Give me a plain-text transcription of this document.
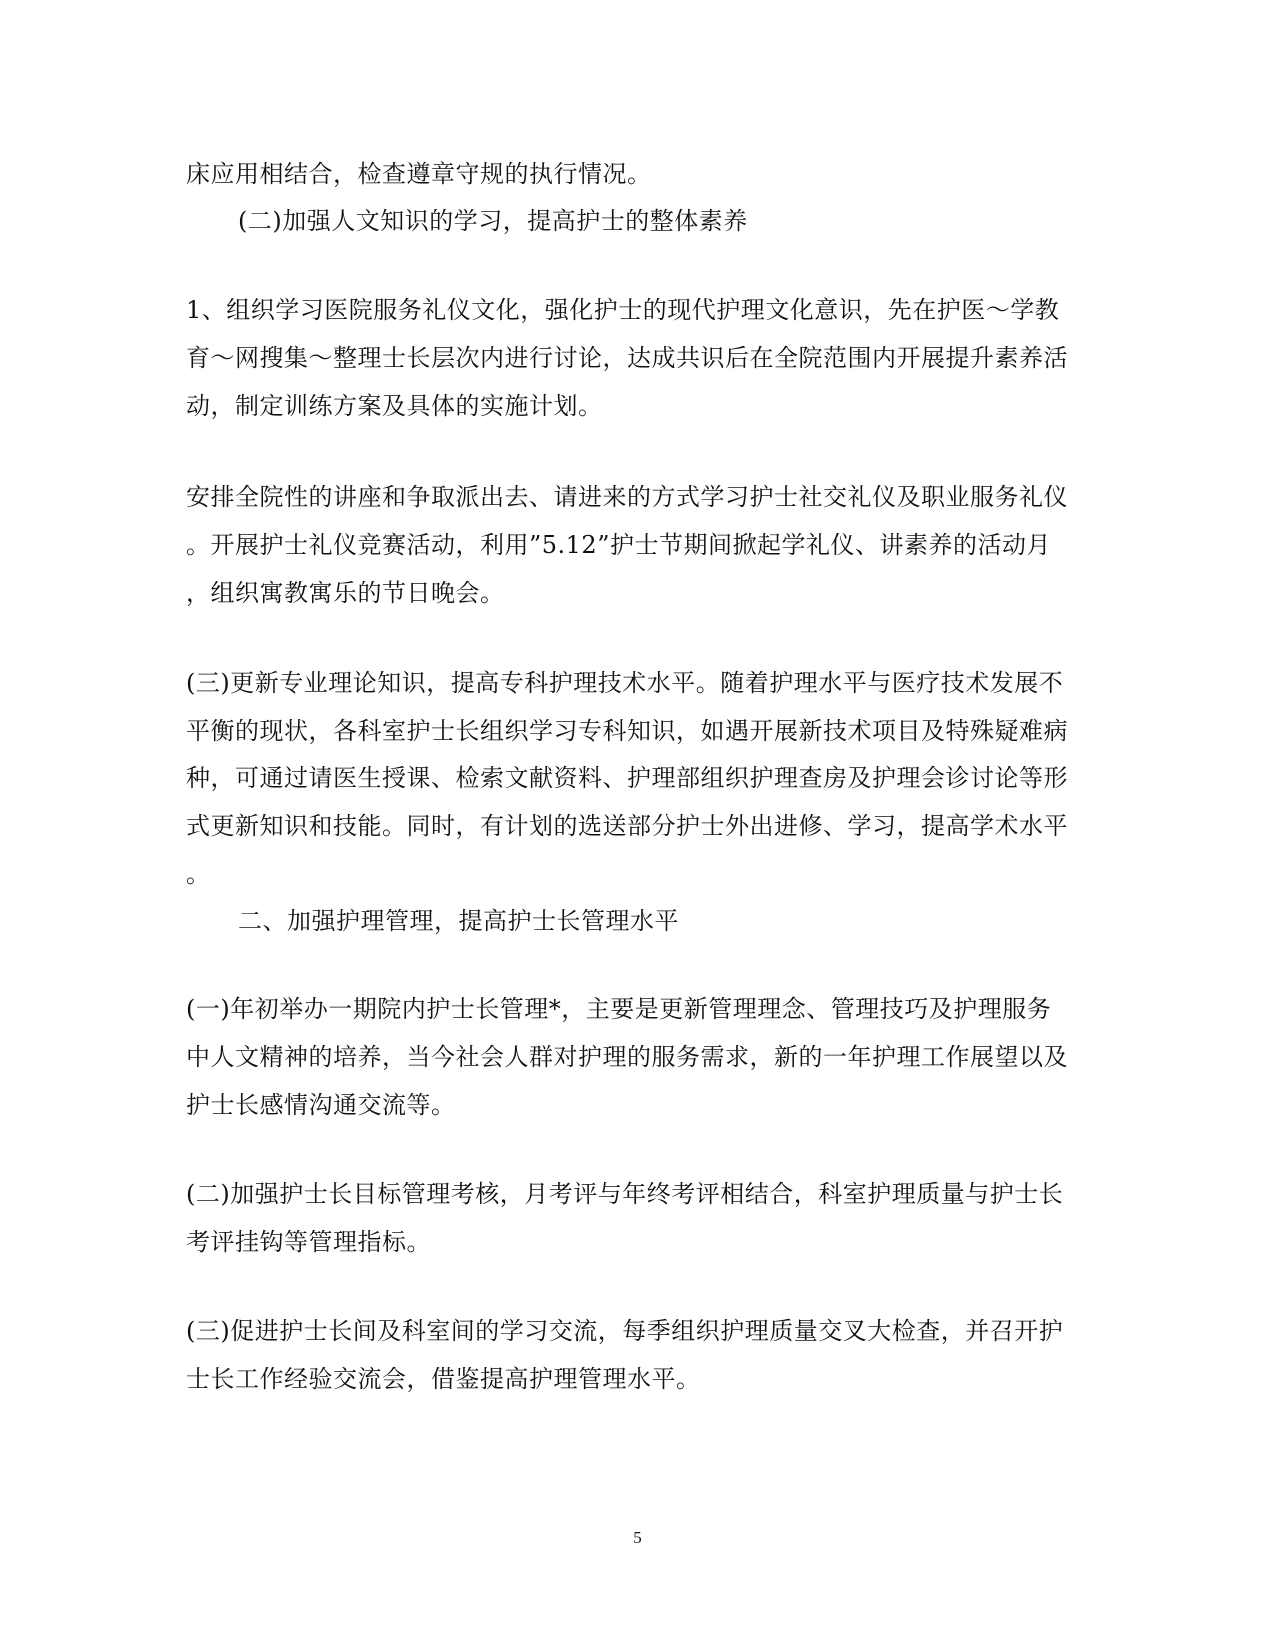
床应用相结合，检查遵章守规的执行情况。
(二)加强人文知识的学习，提高护士的整体素养
1、组织学习医院服务礼仪文化，强化护士的现代护理文化意识，先在护医～学教
育～网搜集～整理士长层次内进行讨论，达成共识后在全院范围内开展提升素养活
动，制定训练方案及具体的实施计划。
安排全院性的讲座和争取派出去、请进来的方式学习护士社交礼仪及职业服务礼仪
。开展护士礼仪竞赛活动，利用”5.12”护士节期间掀起学礼仪、讲素养的活动月
，组织寓教寓乐的节日晚会。
(三)更新专业理论知识，提高专科护理技术水平。随着护理水平与医疗技术发展不
平衡的现状，各科室护士长组织学习专科知识，如遇开展新技术项目及特殊疑难病
种，可通过请医生授课、检索文献资料、护理部组织护理查房及护理会诊讨论等形
式更新知识和技能。同时，有计划的选送部分护士外出进修、学习，提高学术水平
。
二、加强护理管理，提高护士长管理水平
(一)年初举办一期院内护士长管理*，主要是更新管理理念、管理技巧及护理服务
中人文精神的培养，当今社会人群对护理的服务需求，新的一年护理工作展望以及
护士长感情沟通交流等。
(二)加强护士长目标管理考核，月考评与年终考评相结合，科室护理质量与护士长
考评挂钩等管理指标。
(三)促进护士长间及科室间的学习交流，每季组织护理质量交叉大检查，并召开护
士长工作经验交流会，借鉴提高护理管理水平。
5
